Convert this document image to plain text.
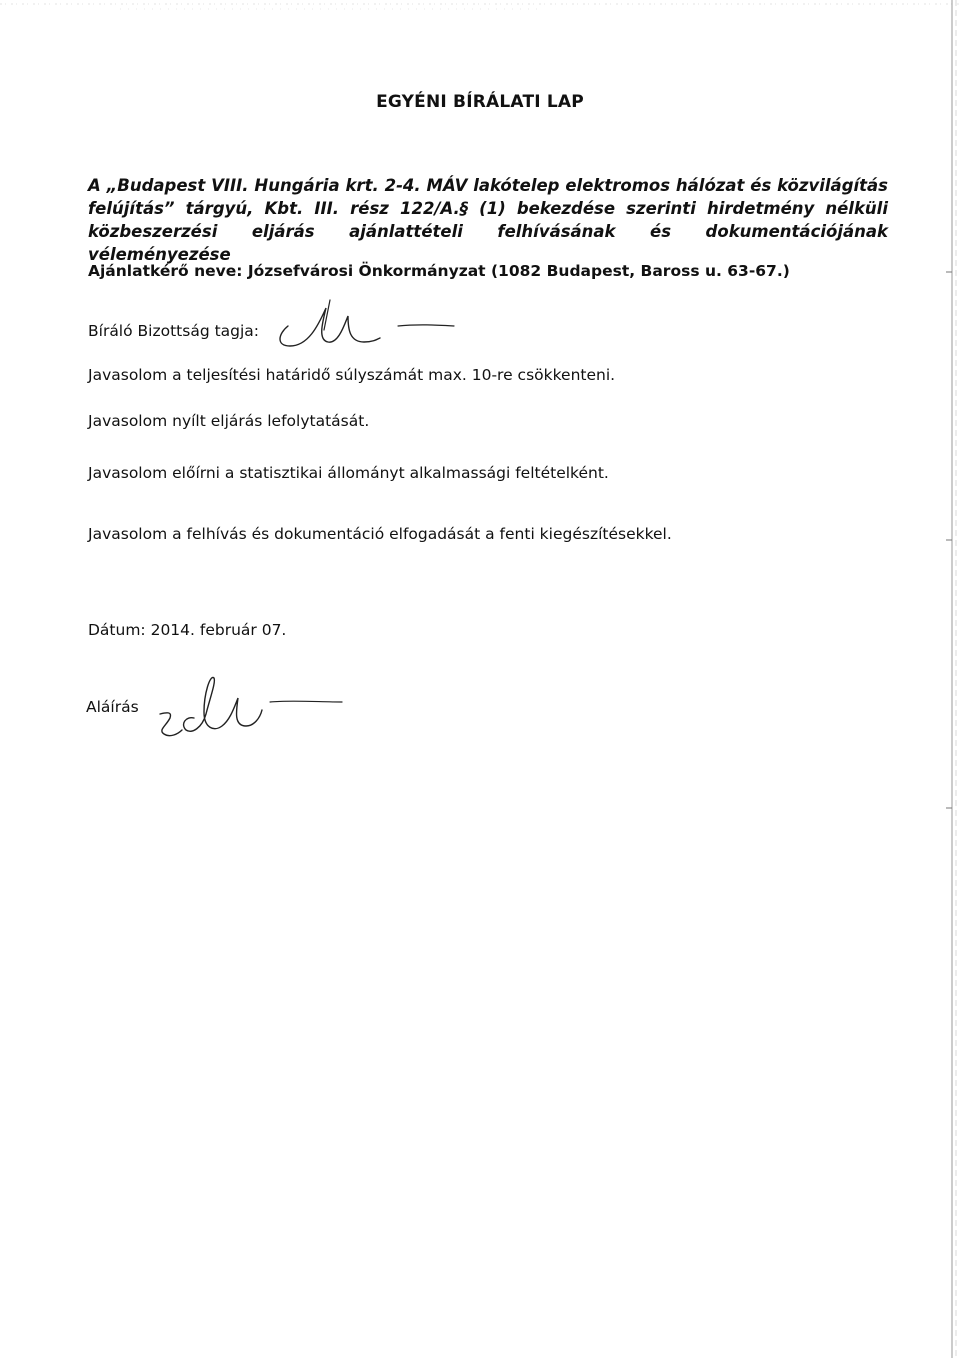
EGYÉNI BÍRÁLATI LAP
A „Budapest VIII. Hungária krt. 2-4. MÁV lakótelep elektromos hálózat és közvilágítás felújítás” tárgyú, Kbt. III. rész 122/A.§ (1) bekezdése szerinti hirdetmény nélküli közbeszerzési eljárás ajánlattételi felhívásának és dokumentációjának véleményezése
Ajánlatkérő neve: Józsefvárosi Önkormányzat (1082 Budapest, Baross u. 63-67.)
Bíráló Bizottság tagja:
Javasolom a teljesítési határidő súlyszámát max. 10-re csökkenteni.
Javasolom nyílt eljárás lefolytatását.
Javasolom előírni a statisztikai állományt alkalmassági feltételként.
Javasolom a felhívás és dokumentáció elfogadását a fenti kiegészítésekkel.
Dátum: 2014. február 07.
Aláírás
